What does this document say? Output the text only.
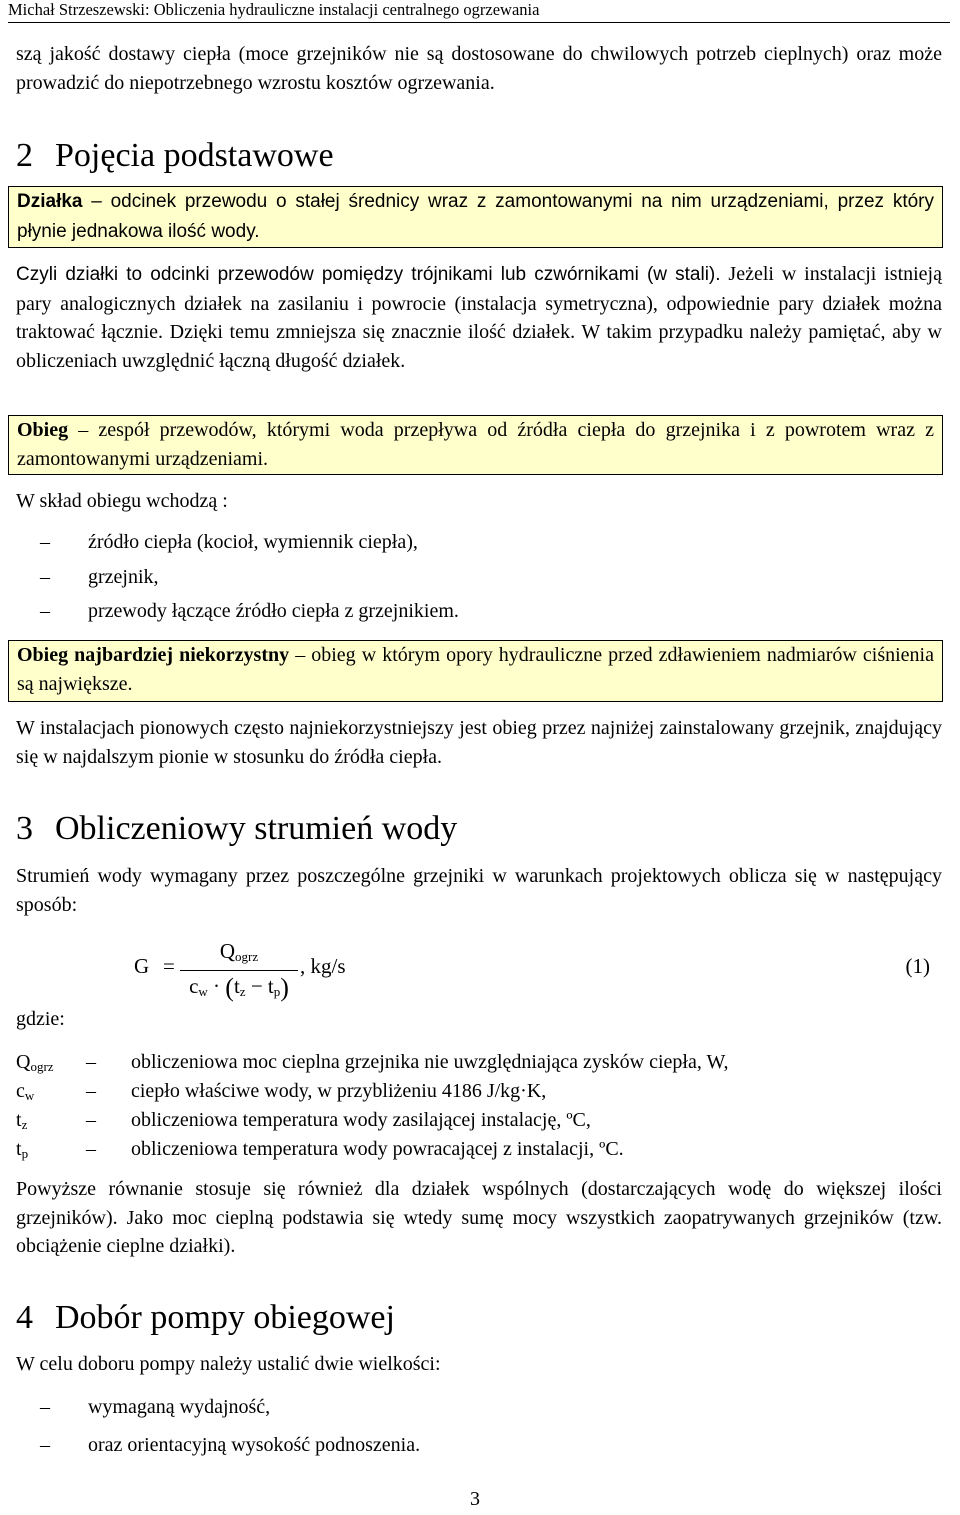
Michał Strzeszewski: Obliczenia hydrauliczne instalacji centralnego ogrzewania

szą jakość dostawy ciepła (moce grzejników nie są dostosowane do chwilowych potrzeb cieplnych) oraz może prowadzić do niepotrzebnego wzrostu kosztów ogrzewania.

2 Pojęcia podstawowe
Działka – odcinek przewodu o stałej średnicy wraz z zamontowanymi na nim urządzeniami, przez który płynie jednakowa ilość wody.

Czyli działki to odcinki przewodów pomiędzy trójnikami lub czwórnikami (w stali). Jeżeli w instalacji istnieją pary analogicznych działek na zasilaniu i powrocie (instalacja symetryczna), odpowiednie pary działek można traktować łącznie. Dzięki temu zmniejsza się znacznie ilość działek. W takim przypadku należy pamiętać, aby w obliczeniach uwzględnić łączną długość działek.

Obieg – zespół przewodów, którymi woda przepływa od źródła ciepła do grzejnika i z powrotem wraz z zamontowanymi urządzeniami.

W skład obiegu wchodzą :

– źródło ciepła (kocioł, wymiennik ciepła),
– grzejnik,
– przewody łączące źródło ciepła z grzejnikiem.
Obieg najbardziej niekorzystny – obieg w którym opory hydrauliczne przed zdławieniem nadmiarów ciśnienia są największe.

W instalacjach pionowych często najniekorzystniejszy jest obieg przez najniżej zainstalowany grzejnik, znajdujący się w najdalszym pionie w stosunku do źródła ciepła.

3 Obliczeniowy strumień wody

Strumień wody wymagany przez poszczególne grzejniki w warunkach projektowych oblicza się w następujący sposób:

G =
$Q_{ogrz}$
$c_w \cdot (t_z - t_p)$
, kg/s	(1)
gdzie:
$Q_{ogrz}$ – obliczeniowa moc cieplna grzejnika nie uwzględniająca zysków ciepła, W,
$c_w$	– ciepło właściwe wody, w przybliżeniu 4186 J/kg·K,
$t_z$	– obliczeniowa temperatura wody zasilającej instalację, ºC,
$t_p$	– obliczeniowa temperatura wody powracającej z instalacji, ºC.

Powyższe równanie stosuje się również dla działek wspólnych (dostarczających wodę do większej ilości grzejników). Jako moc cieplną podstawia się wtedy sumę mocy wszystkich zaopatrywanych grzejników (tzw. obciążenie cieplne działki).

4 Dobór pompy obiegowej

W celu doboru pompy należy ustalić dwie wielkości:

– wymaganą wydajność,
– oraz orientacyjną wysokość podnoszenia.
3
